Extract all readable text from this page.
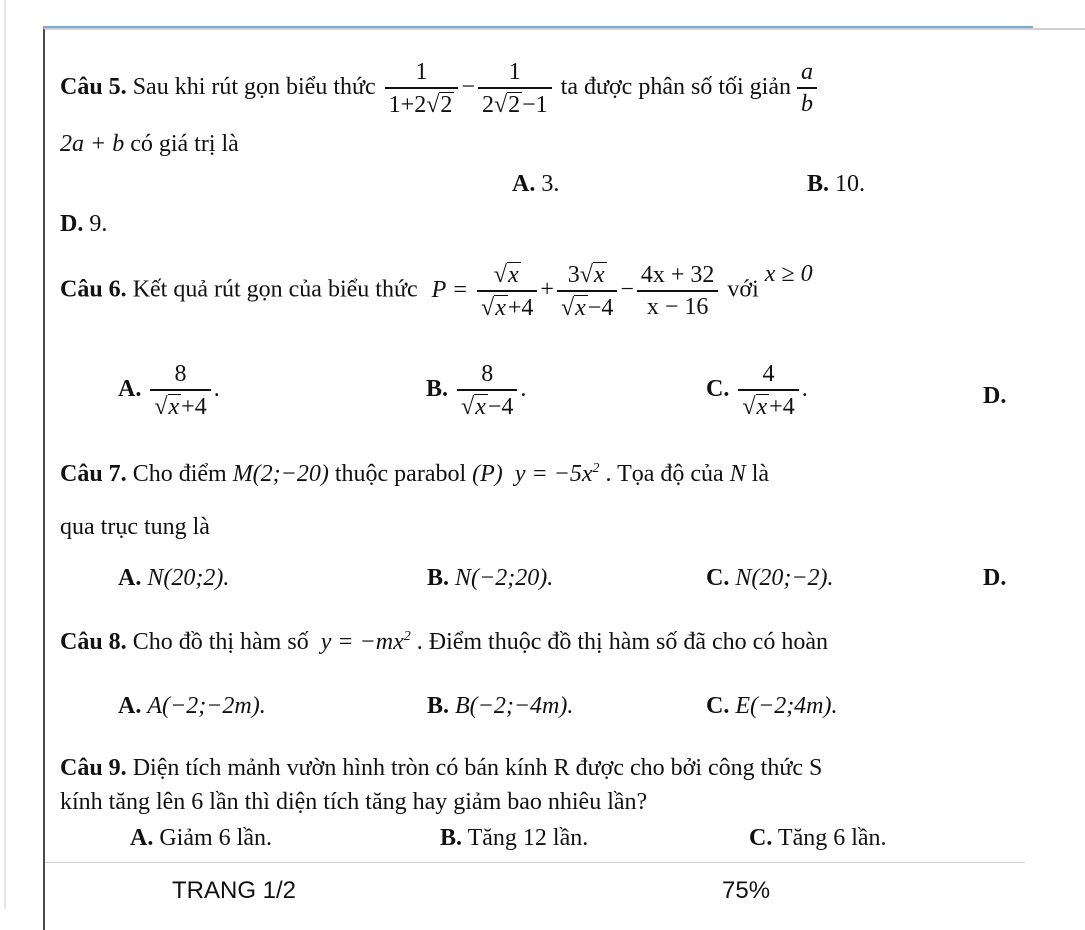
Câu 5. Sau khi rút gọn biểu thức $\frac{1}{1+2√2} - \frac{1}{2√2-1}$ ta được phân số tối giản $\frac{a}{b}$
2a + b có giá trị là
A. 3.	B. 10.
D. 9.
Câu 6. Kết quả rút gọn của biểu thức $P = \frac{√x}{√x+4} + \frac{3√x}{√x-4} - \frac{4x + 32}{x - 16}$ với x ≥ 0
A. $\frac{8}{√x+4}$ .	B. $\frac{8}{√x-4}$ .	C. $\frac{4}{√x+4}$ .	D.
Câu 7. Cho điểm M(2;−20) thuộc parabol (P) $y = -5x^2$ . Tọa độ của N là
qua trục tung là
A. N(20;2).	B. N(−2;20).	C. N(20;−2).	D.
Câu 8. Cho đồ thị hàm số $y = -mx^2$ . Điểm thuộc đồ thị hàm số đã cho có hoàn
A. A(−2;−2m).	B. B(−2;−4m).	C. E(−2;4m).
Câu 9. Diện tích mảnh vườn hình tròn có bán kính R được cho bởi công thức S
kính tăng lên 6 lần thì diện tích tăng hay giảm bao nhiêu lần?
A. Giảm 6 lần.	B. Tăng 12 lần.	C. Tăng 6 lần.
TRANG 1/2	75%
